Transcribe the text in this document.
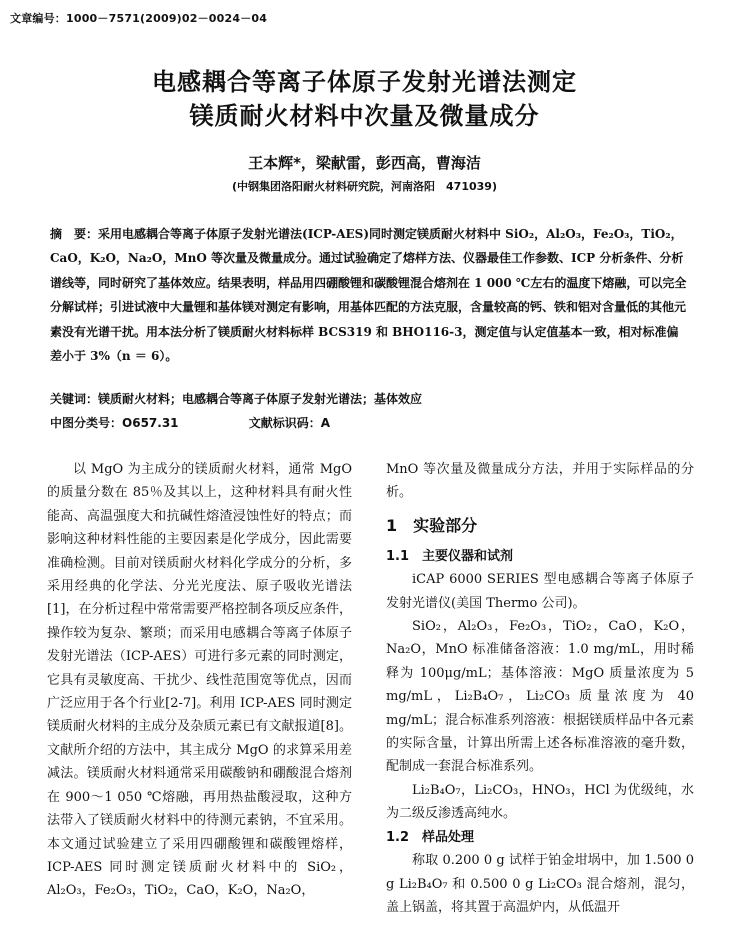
文章编号：1000－7571(2009)02－0024－04
电感耦合等离子体原子发射光谱法测定
镁质耐火材料中次量及微量成分
王本辉*，梁献雷，彭西高，曹海洁
(中钢集团洛阳耐火材料研究院，河南洛阳　471039)
摘　要：采用电感耦合等离子体原子发射光谱法(ICP-AES)同时测定镁质耐火材料中 SiO₂，Al₂O₃，Fe₂O₃，TiO₂，CaO，K₂O，Na₂O，MnO 等次量及微量成分。通过试验确定了熔样方法、仪器最佳工作参数、ICP 分析条件、分析谱线等，同时研究了基体效应。结果表明，样品用四硼酸锂和碳酸锂混合熔剂在 1 000 ℃左右的温度下熔融，可以完全分解试样；引进试液中大量锂和基体镁对测定有影响，用基体匹配的方法克服，含量较高的钙、铁和铝对含量低的其他元素没有光谱干扰。用本法分析了镁质耐火材料标样 BCS319 和 BHO116-3，测定值与认定值基本一致，相对标准偏差小于 3%（n ＝ 6）。
关键词：镁质耐火材料；电感耦合等离子体原子发射光谱法；基体效应
中图分类号：O657.31	文献标识码：A

以 MgO 为主成分的镁质耐火材料，通常 MgO 的质量分数在 85％及其以上，这种材料具有耐火性能高、高温强度大和抗碱性熔渣浸蚀性好的特点；而影响这种材料性能的主要因素是化学成分，因此需要准确检测。目前对镁质耐火材料化学成分的分析，多采用经典的化学法、分光光度法、原子吸收光谱法[1]，在分析过程中常常需要严格控制各项反应条件，操作较为复杂、繁琐；而采用电感耦合等离子体原子发射光谱法（ICP-AES）可进行多元素的同时测定，它具有灵敏度高、干扰少、线性范围宽等优点，因而广泛应用于各个行业[2-7]。利用 ICP-AES 同时测定镁质耐火材料的主成分及杂质元素已有文献报道[8]。文献所介绍的方法中，其主成分 MgO 的求算采用差减法。镁质耐火材料通常采用碳酸钠和硼酸混合熔剂在 900～1 050 ℃熔融，再用热盐酸浸取，这种方法带入了镁质耐火材料中的待测元素钠，不宜采用。本文通过试验建立了采用四硼酸锂和碳酸锂熔样，ICP-AES 同时测定镁质耐火材料中的 SiO₂，Al₂O₃，Fe₂O₃，TiO₂，CaO，K₂O，Na₂O，

MnO 等次量及微量成分方法，并用于实际样品的分析。

1　实验部分

1.1　主要仪器和试剂

iCAP 6000 SERIES 型电感耦合等离子体原子发射光谱仪(美国 Thermo 公司)。

SiO₂，Al₂O₃，Fe₂O₃，TiO₂，CaO，K₂O，Na₂O，MnO 标准储备溶液：1.0 mg/mL，用时稀释为 100μg/mL；基体溶液：MgO 质量浓度为 5 mg/mL，Li₂B₄O₇，Li₂CO₃ 质量浓度为 40 mg/mL；混合标准系列溶液：根据镁质样品中各元素的实际含量，计算出所需上述各标准溶液的毫升数，配制成一套混合标准系列。

Li₂B₄O₇，Li₂CO₃，HNO₃，HCl 为优级纯，水为二级反渗透高纯水。

1.2　样品处理

称取 0.200 0 g 试样于铂金坩埚中，加 1.500 0 g Li₂B₄O₇ 和 0.500 0 g Li₂CO₃ 混合熔剂，混匀，盖上锅盖，将其置于高温炉内，从低温开
